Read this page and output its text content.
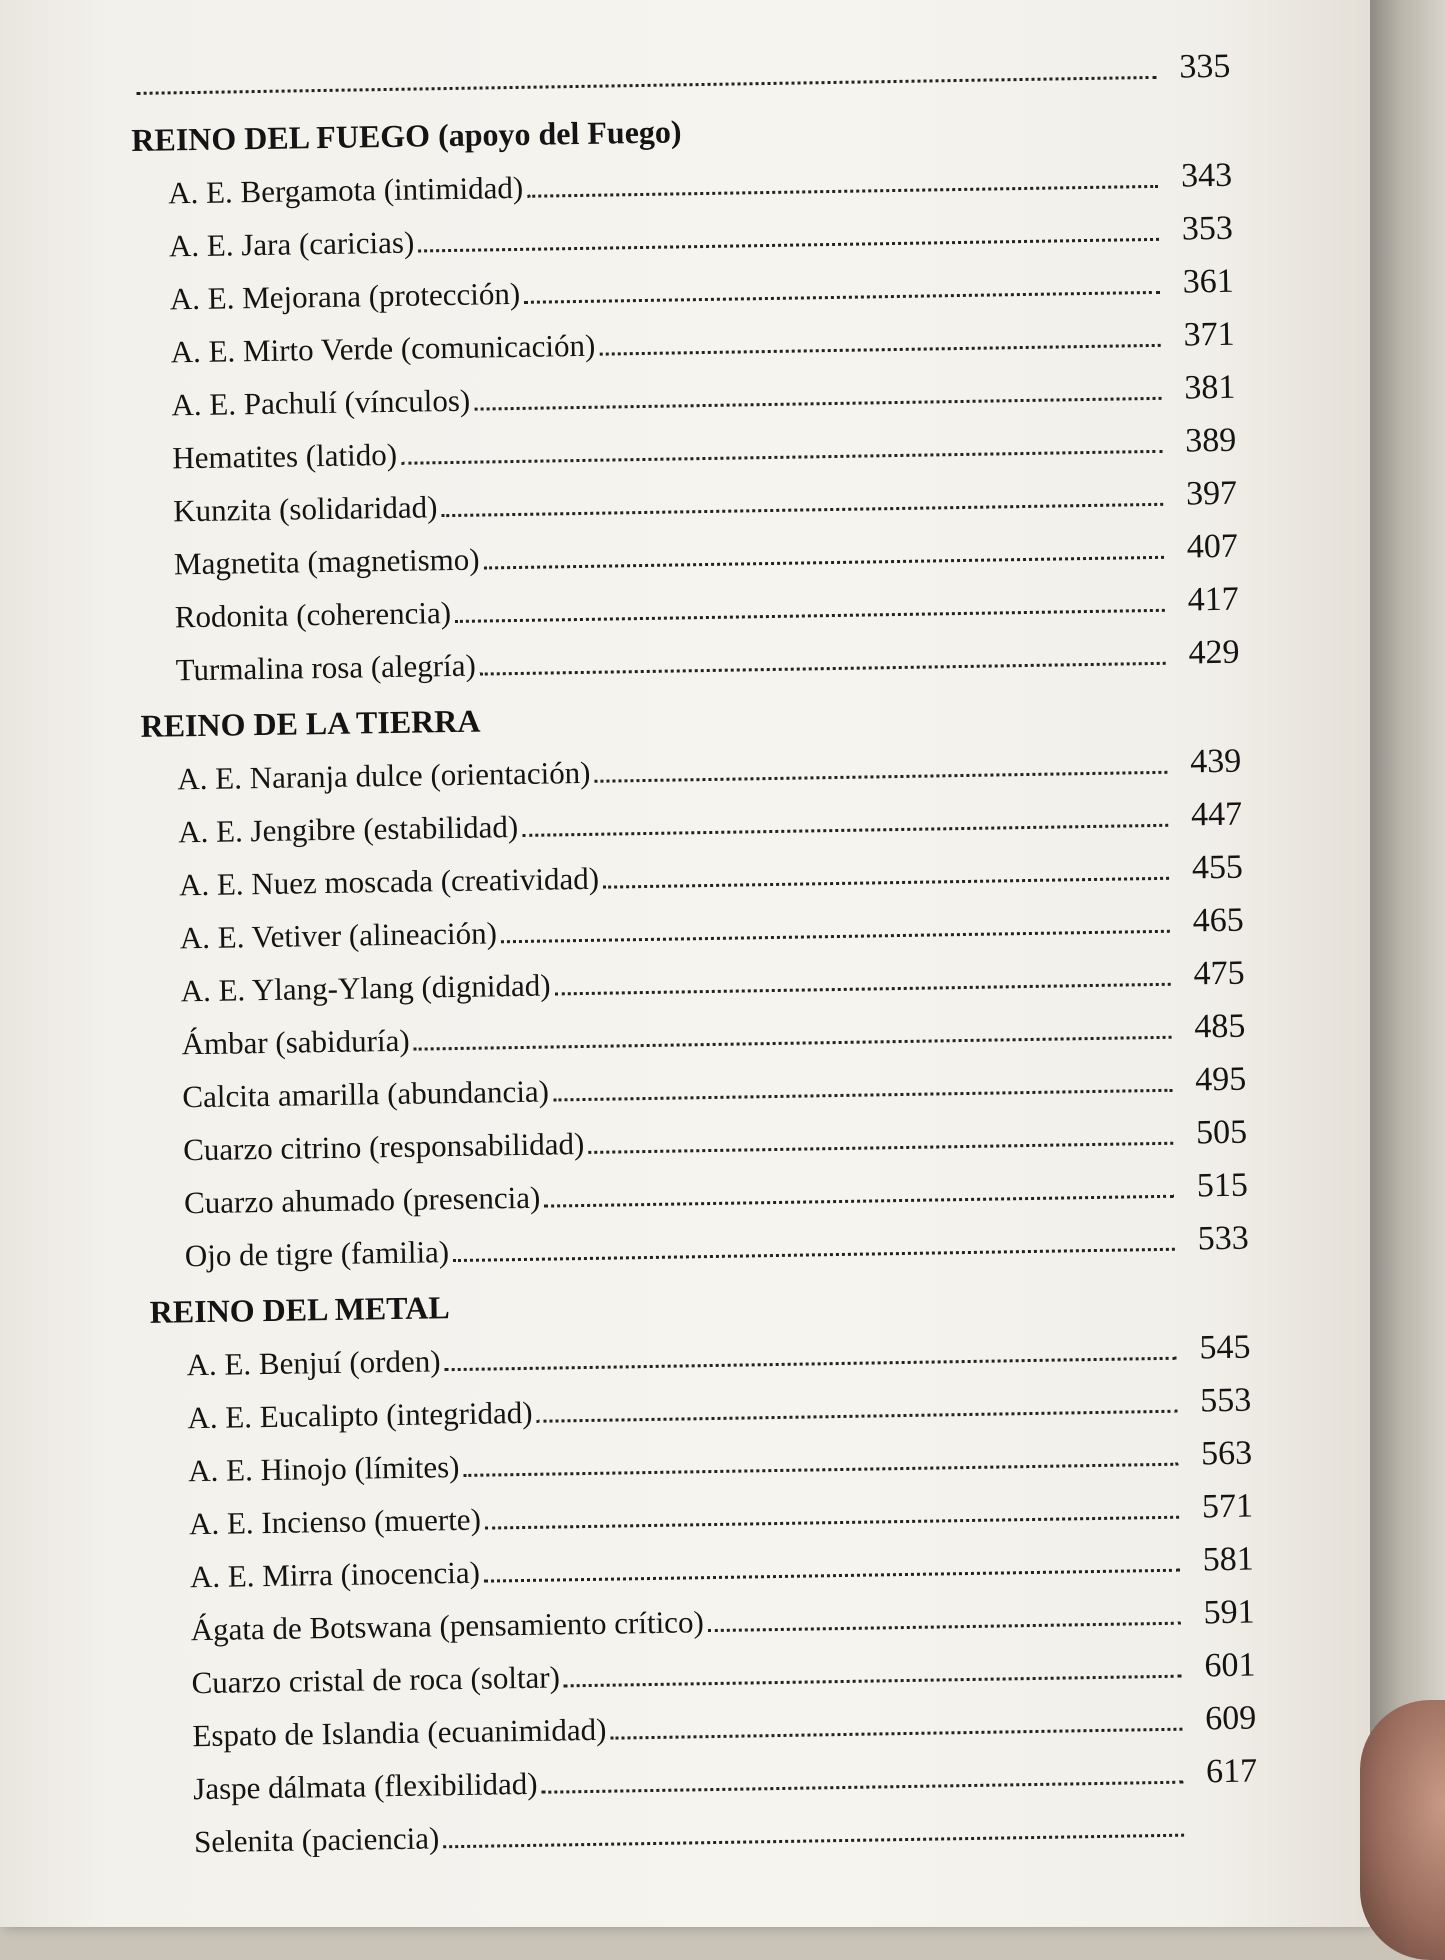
335
REINO DEL FUEGO (apoyo del Fuego)
A. E. Bergamota (intimidad)	343
A. E. Jara (caricias)	353
A. E. Mejorana (protección)	361
A. E. Mirto Verde (comunicación)	371
A. E. Pachulí (vínculos)	381
Hematites (latido)	389
Kunzita (solidaridad)	397
Magnetita (magnetismo)	407
Rodonita (coherencia)	417
Turmalina rosa (alegría)	429
REINO DE LA TIERRA
A. E. Naranja dulce (orientación)	439
A. E. Jengibre (estabilidad)	447
A. E. Nuez moscada (creatividad)	455
A. E. Vetiver (alineación)	465
A. E. Ylang-Ylang (dignidad)	475
Ámbar (sabiduría)	485
Calcita amarilla (abundancia)	495
Cuarzo citrino (responsabilidad)	505
Cuarzo ahumado (presencia)	515
Ojo de tigre (familia)	533
REINO DEL METAL
A. E. Benjuí (orden)	545
A. E. Eucalipto (integridad)	553
A. E. Hinojo (límites)	563
A. E. Incienso (muerte)	571
A. E. Mirra (inocencia)	581
Ágata de Botswana (pensamiento crítico)	591
Cuarzo cristal de roca (soltar)	601
Espato de Islandia (ecuanimidad)	609
Jaspe dálmata (flexibilidad)	617
Selenita (paciencia)
